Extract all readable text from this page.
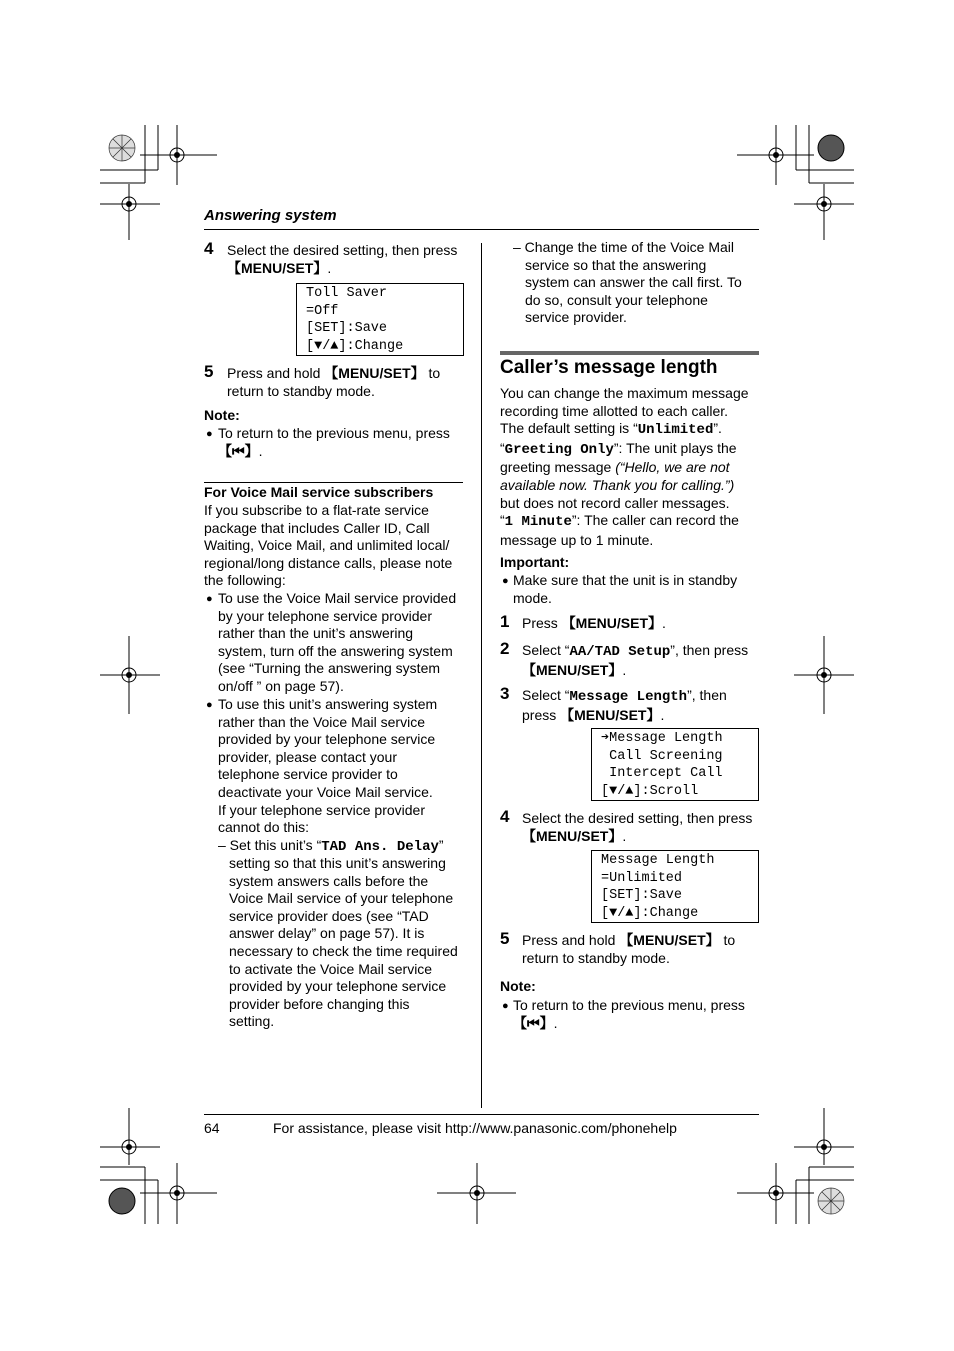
Answering system
4 Select the desired setting, then press
【MENU/SET】.
Toll Saver
=Off
[SET]:Save
[▼/▲]:Change
5 Press and hold 【MENU/SET】 to
return to standby mode.
Note:
● To return to the previous menu, press
【⏮】.
For Voice Mail service subscribers
If you subscribe to a flat-rate service
package that includes Caller ID, Call
Waiting, Voice Mail, and unlimited local/
regional/long distance calls, please note
the following:
● To use the Voice Mail service provided
by your telephone service provider
rather than the unit’s answering
system, turn off the answering system
(see “Turning the answering system
on/off ” on page 57).
● To use this unit’s answering system
rather than the Voice Mail service
provided by your telephone service
provider, please contact your
telephone service provider to
deactivate your Voice Mail service.
If your telephone service provider
cannot do this:
– Set this unit’s “TAD Ans. Delay”
setting so that this unit’s answering
system answers calls before the
Voice Mail service of your telephone
service provider does (see “TAD
answer delay” on page 57). It is
necessary to check the time required
to activate the Voice Mail service
provided by your telephone service
provider before changing this
setting.
– Change the time of the Voice Mail
service so that the answering
system can answer the call first. To
do so, consult your telephone
service provider.
Caller’s message length
You can change the maximum message
recording time allotted to each caller.
The default setting is “Unlimited”.
“Greeting Only”: The unit plays the
greeting message (“Hello, we are not
available now. Thank you for calling.”)
but does not record caller messages.
“1 Minute”: The caller can record the
message up to 1 minute.
Important:
● Make sure that the unit is in standby
mode.
1 Press 【MENU/SET】.
2 Select “AA/TAD Setup”, then press
【MENU/SET】.
3 Select “Message Length”, then
press 【MENU/SET】.
➔Message Length
Call Screening
Intercept Call
[▼/▲]:Scroll
4 Select the desired setting, then press
【MENU/SET】.
Message Length
=Unlimited
[SET]:Save
[▼/▲]:Change
5 Press and hold 【MENU/SET】 to
return to standby mode.
Note:
● To return to the previous menu, press
【⏮】.
64	For assistance, please visit http://www.panasonic.com/phonehelp
